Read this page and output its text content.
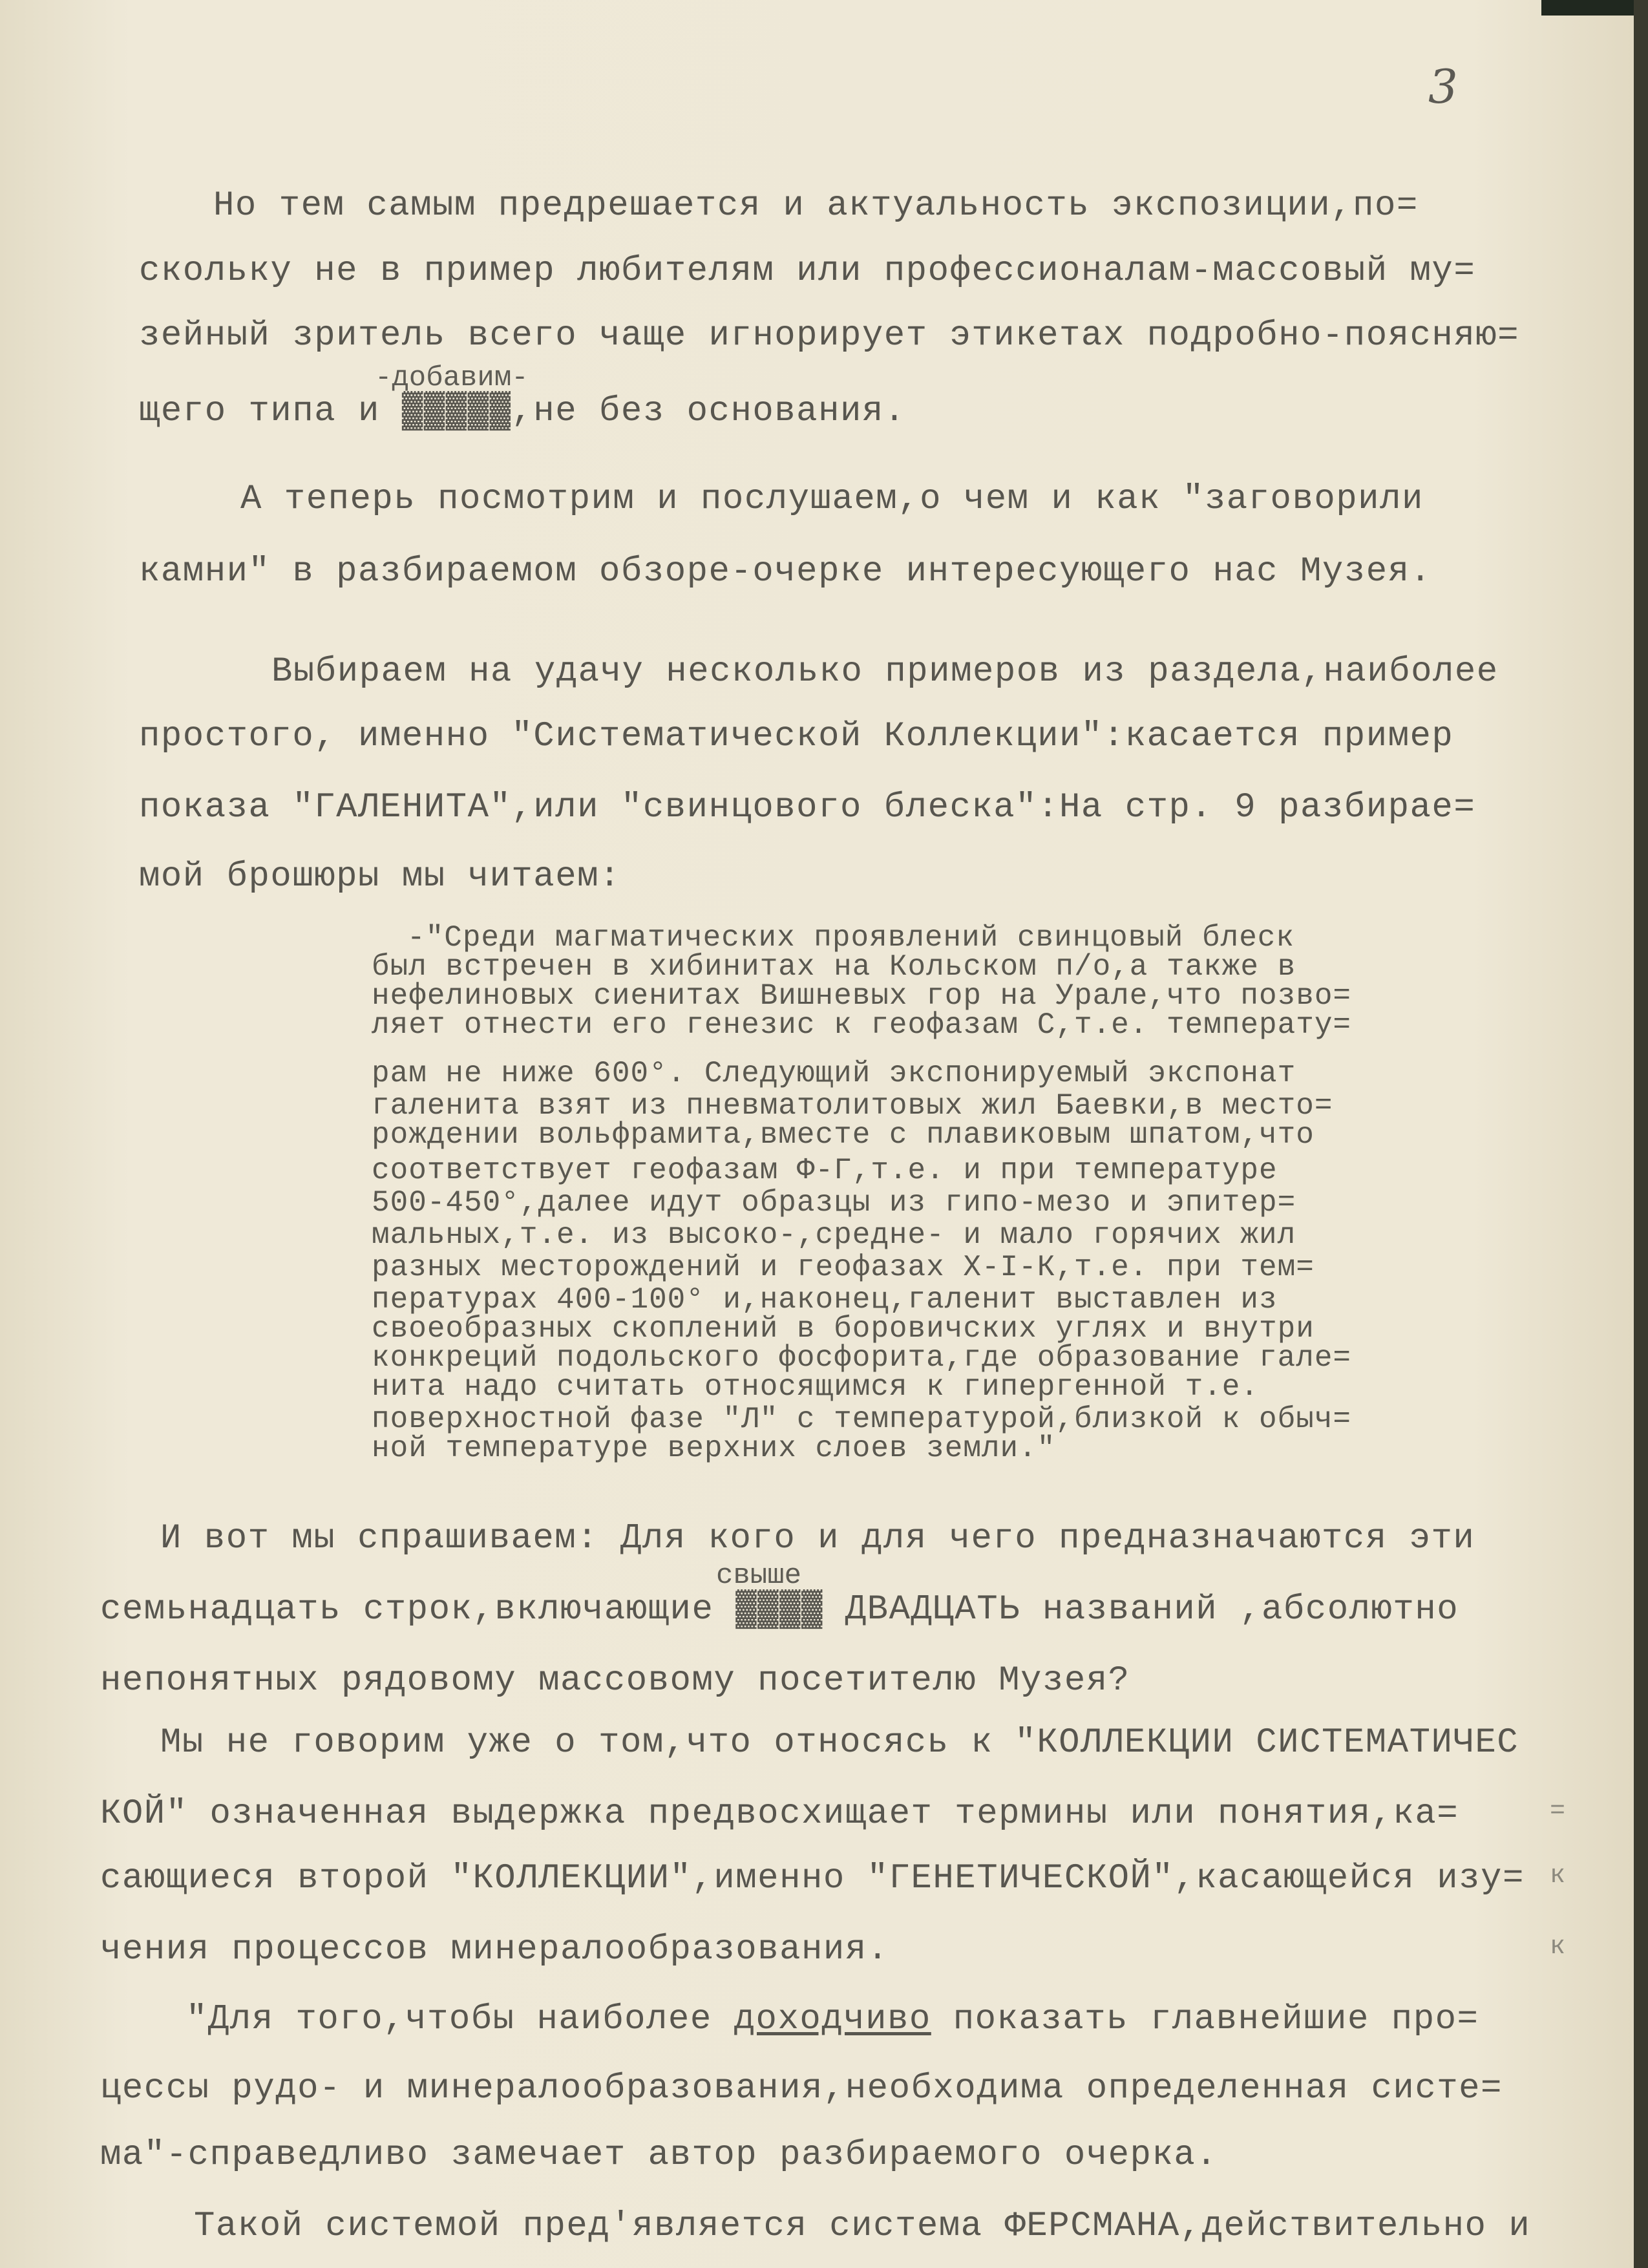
3
Но тем самым предрешается и актуальность экспозиции,по=
скольку не в пример любителям или профессионалам-массовый му=
зейный зритель всего чаще игнорирует этикетах подробно-поясняю=
-добавим-
щего типа и ▓▓▓▓▓,не без основания.
А теперь посмотрим и послушаем,о чем и как "заговорили
камни" в разбираемом обзоре-очерке интересующего нас Музея.
Выбираем на удачу несколько примеров из раздела,наиболее
простого, именно "Систематической Коллекции":касается пример
показа "ГАЛЕНИТА",или "свинцового блеска":На стр. 9 разбирае=
мой брошюры мы читаем:
-"Среди магматических проявлений свинцовый блеск
был встречен в хибинитах на Кольском п/о,а также в
нефелиновых сиенитах Вишневых гор на Урале,что позво=
ляет отнести его генезис к геофазам С,т.е. температу=
рам не ниже 600°. Следующий экспонируемый экспонат
галенита взят из пневматолитовых жил Баевки,в место=
рождении вольфрамита,вместе с плавиковым шпатом,что
соответствует геофазам Ф-Г,т.е. и при температуре
500-450°,далее идут образцы из гипо-мезо и эпитер=
мальных,т.е. из высоко-,средне- и мало горячих жил
разных месторождений и геофазах Х-I-К,т.е. при тем=
пературах 400-100° и,наконец,галенит выставлен из
своеобразных скоплений в боровичских углях и внутри
конкреций подольского фосфорита,где образование гале=
нита надо считать относящимся к гипергенной т.е.
поверхностной фазе "Л" с температурой,близкой к обыч=
ной температуре верхних слоев земли."
И вот мы спрашиваем: Для кого и для чего предназначаются эти
свыше
семьнадцать строк,включающие ▓▓▓▓ ДВАДЦАТЬ названий ,абсолютно
непонятных рядовому массовому посетителю Музея?
Мы не говорим уже о том,что относясь к "КОЛЛЕКЦИИ СИСТЕМАТИЧЕС
КОЙ" означенная выдержка предвосхищает термины или понятия,ка=
сающиеся второй "КОЛЛЕКЦИИ",именно "ГЕНЕТИЧЕСКОЙ",касающейся изу=
чения процессов минералообразования.
"Для того,чтобы наиболее доходчиво показать главнейшие про=
цессы рудо- и минералообразования,необходима определенная систе=
ма"-справедливо замечает автор разбираемого очерка.
Такой системой пред'является система ФЕРСМАНА,действительно и
=
к
к
